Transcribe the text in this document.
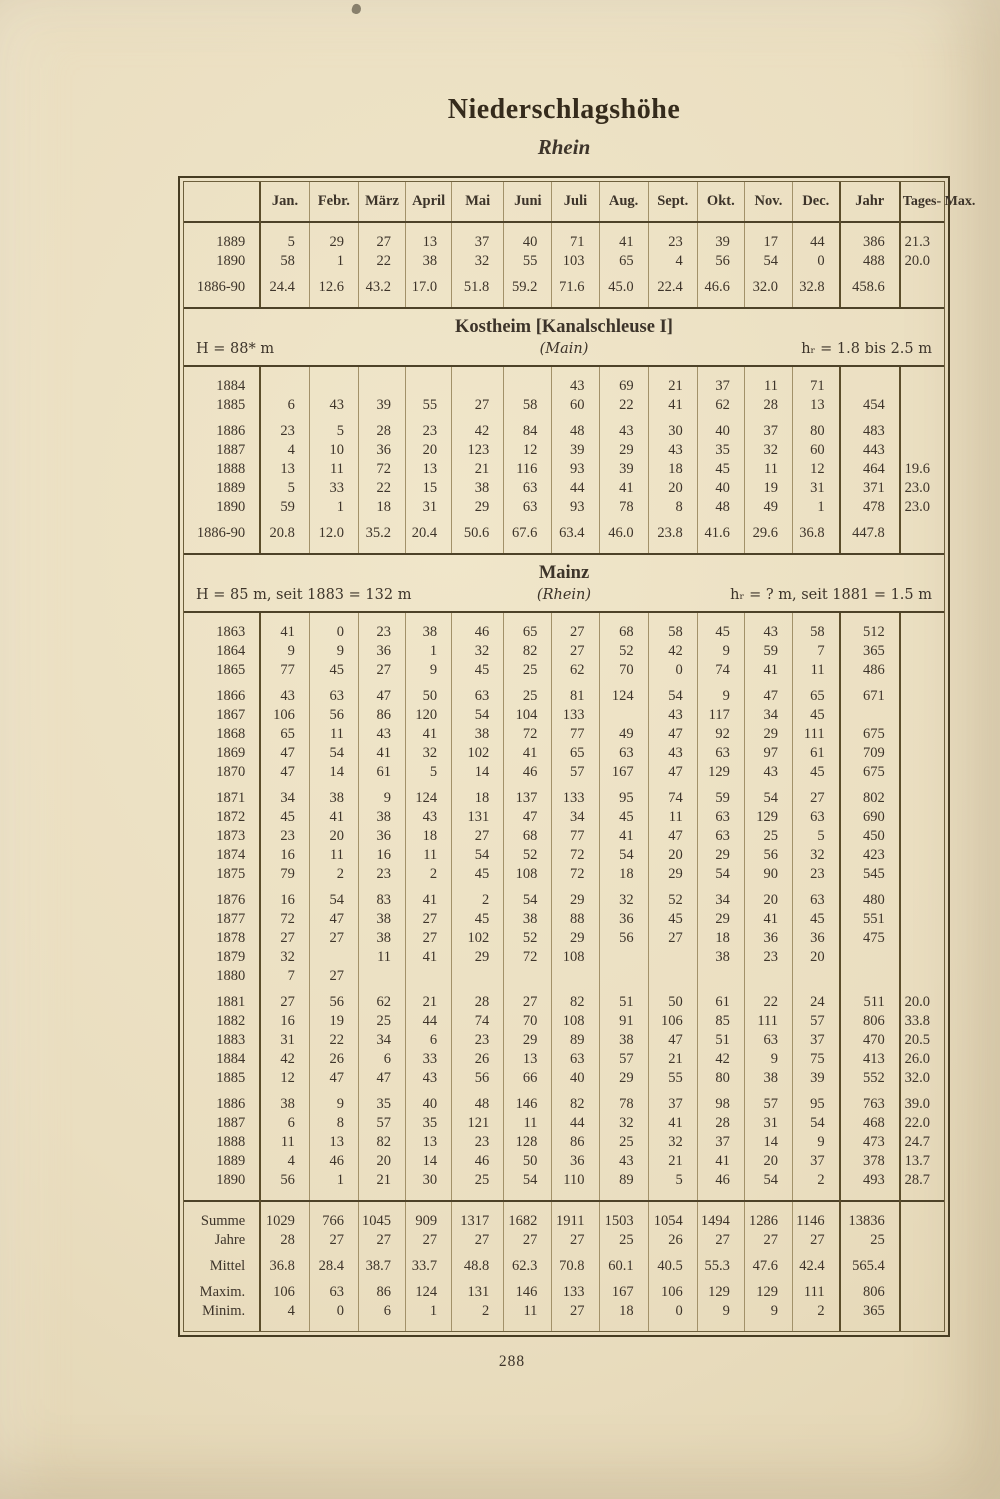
Niederschlagshöhe
Rhein
	Jan.	Febr.	März	April	Mai	Juni	Juli	Aug.	Sept.	Okt.	Nov.	Dec.	Jahr	Tages- Max.
1889	5	29	27	13	37	40	71	41	23	39	17	44	386	21.3
1890	58	1	22	38	32	55	103	65	4	56	54	0	488	20.0
1886-90	24.4	12.6	43.2	17.0	51.8	59.2	71.6	45.0	22.4	46.6	32.0	32.8	458.6	
Kostheim [Kanalschleuse I]
H = 88* m	(Main)	hᵣ = 1.8 bis 2.5 m
1884							43	69	21	37	11	71		
1885	6	43	39	55	27	58	60	22	41	62	28	13	454	
1886	23	5	28	23	42	84	48	43	30	40	37	80	483	
1887	4	10	36	20	123	12	39	29	43	35	32	60	443	
1888	13	11	72	13	21	116	93	39	18	45	11	12	464	19.6
1889	5	33	22	15	38	63	44	41	20	40	19	31	371	23.0
1890	59	1	18	31	29	63	93	78	8	48	49	1	478	23.0
1886-90	20.8	12.0	35.2	20.4	50.6	67.6	63.4	46.0	23.8	41.6	29.6	36.8	447.8	
Mainz
H = 85 m, seit 1883 = 132 m	(Rhein)	hᵣ = ? m, seit 1881 = 1.5 m
1863	41	0	23	38	46	65	27	68	58	45	43	58	512	
1864	9	9	36	1	32	82	27	52	42	9	59	7	365	
1865	77	45	27	9	45	25	62	70	0	74	41	11	486	
1866	43	63	47	50	63	25	81	124	54	9	47	65	671	
1867	106	56	86	120	54	104	133		43	117	34	45		
1868	65	11	43	41	38	72	77	49	47	92	29	111	675	
1869	47	54	41	32	102	41	65	63	43	63	97	61	709	
1870	47	14	61	5	14	46	57	167	47	129	43	45	675	
1871	34	38	9	124	18	137	133	95	74	59	54	27	802	
1872	45	41	38	43	131	47	34	45	11	63	129	63	690	
1873	23	20	36	18	27	68	77	41	47	63	25	5	450	
1874	16	11	16	11	54	52	72	54	20	29	56	32	423	
1875	79	2	23	2	45	108	72	18	29	54	90	23	545	
1876	16	54	83	41	2	54	29	32	52	34	20	63	480	
1877	72	47	38	27	45	38	88	36	45	29	41	45	551	
1878	27	27	38	27	102	52	29	56	27	18	36	36	475	
1879	32		11	41	29	72	108			38	23	20		
1880	7	27												
1881	27	56	62	21	28	27	82	51	50	61	22	24	511	20.0
1882	16	19	25	44	74	70	108	91	106	85	111	57	806	33.8
1883	31	22	34	6	23	29	89	38	47	51	63	37	470	20.5
1884	42	26	6	33	26	13	63	57	21	42	9	75	413	26.0
1885	12	47	47	43	56	66	40	29	55	80	38	39	552	32.0
1886	38	9	35	40	48	146	82	78	37	98	57	95	763	39.0
1887	6	8	57	35	121	11	44	32	41	28	31	54	468	22.0
1888	11	13	82	13	23	128	86	25	32	37	14	9	473	24.7
1889	4	46	20	14	46	50	36	43	21	41	20	37	378	13.7
1890	56	1	21	30	25	54	110	89	5	46	54	2	493	28.7
Summe	1029	766	1045	909	1317	1682	1911	1503	1054	1494	1286	1146	13836	
Jahre	28	27	27	27	27	27	27	25	26	27	27	27	25	
Mittel	36.8	28.4	38.7	33.7	48.8	62.3	70.8	60.1	40.5	55.3	47.6	42.4	565.4	
Maxim.	106	63	86	124	131	146	133	167	106	129	129	111	806	
Minim.	4	0	6	1	2	11	27	18	0	9	9	2	365	
288
